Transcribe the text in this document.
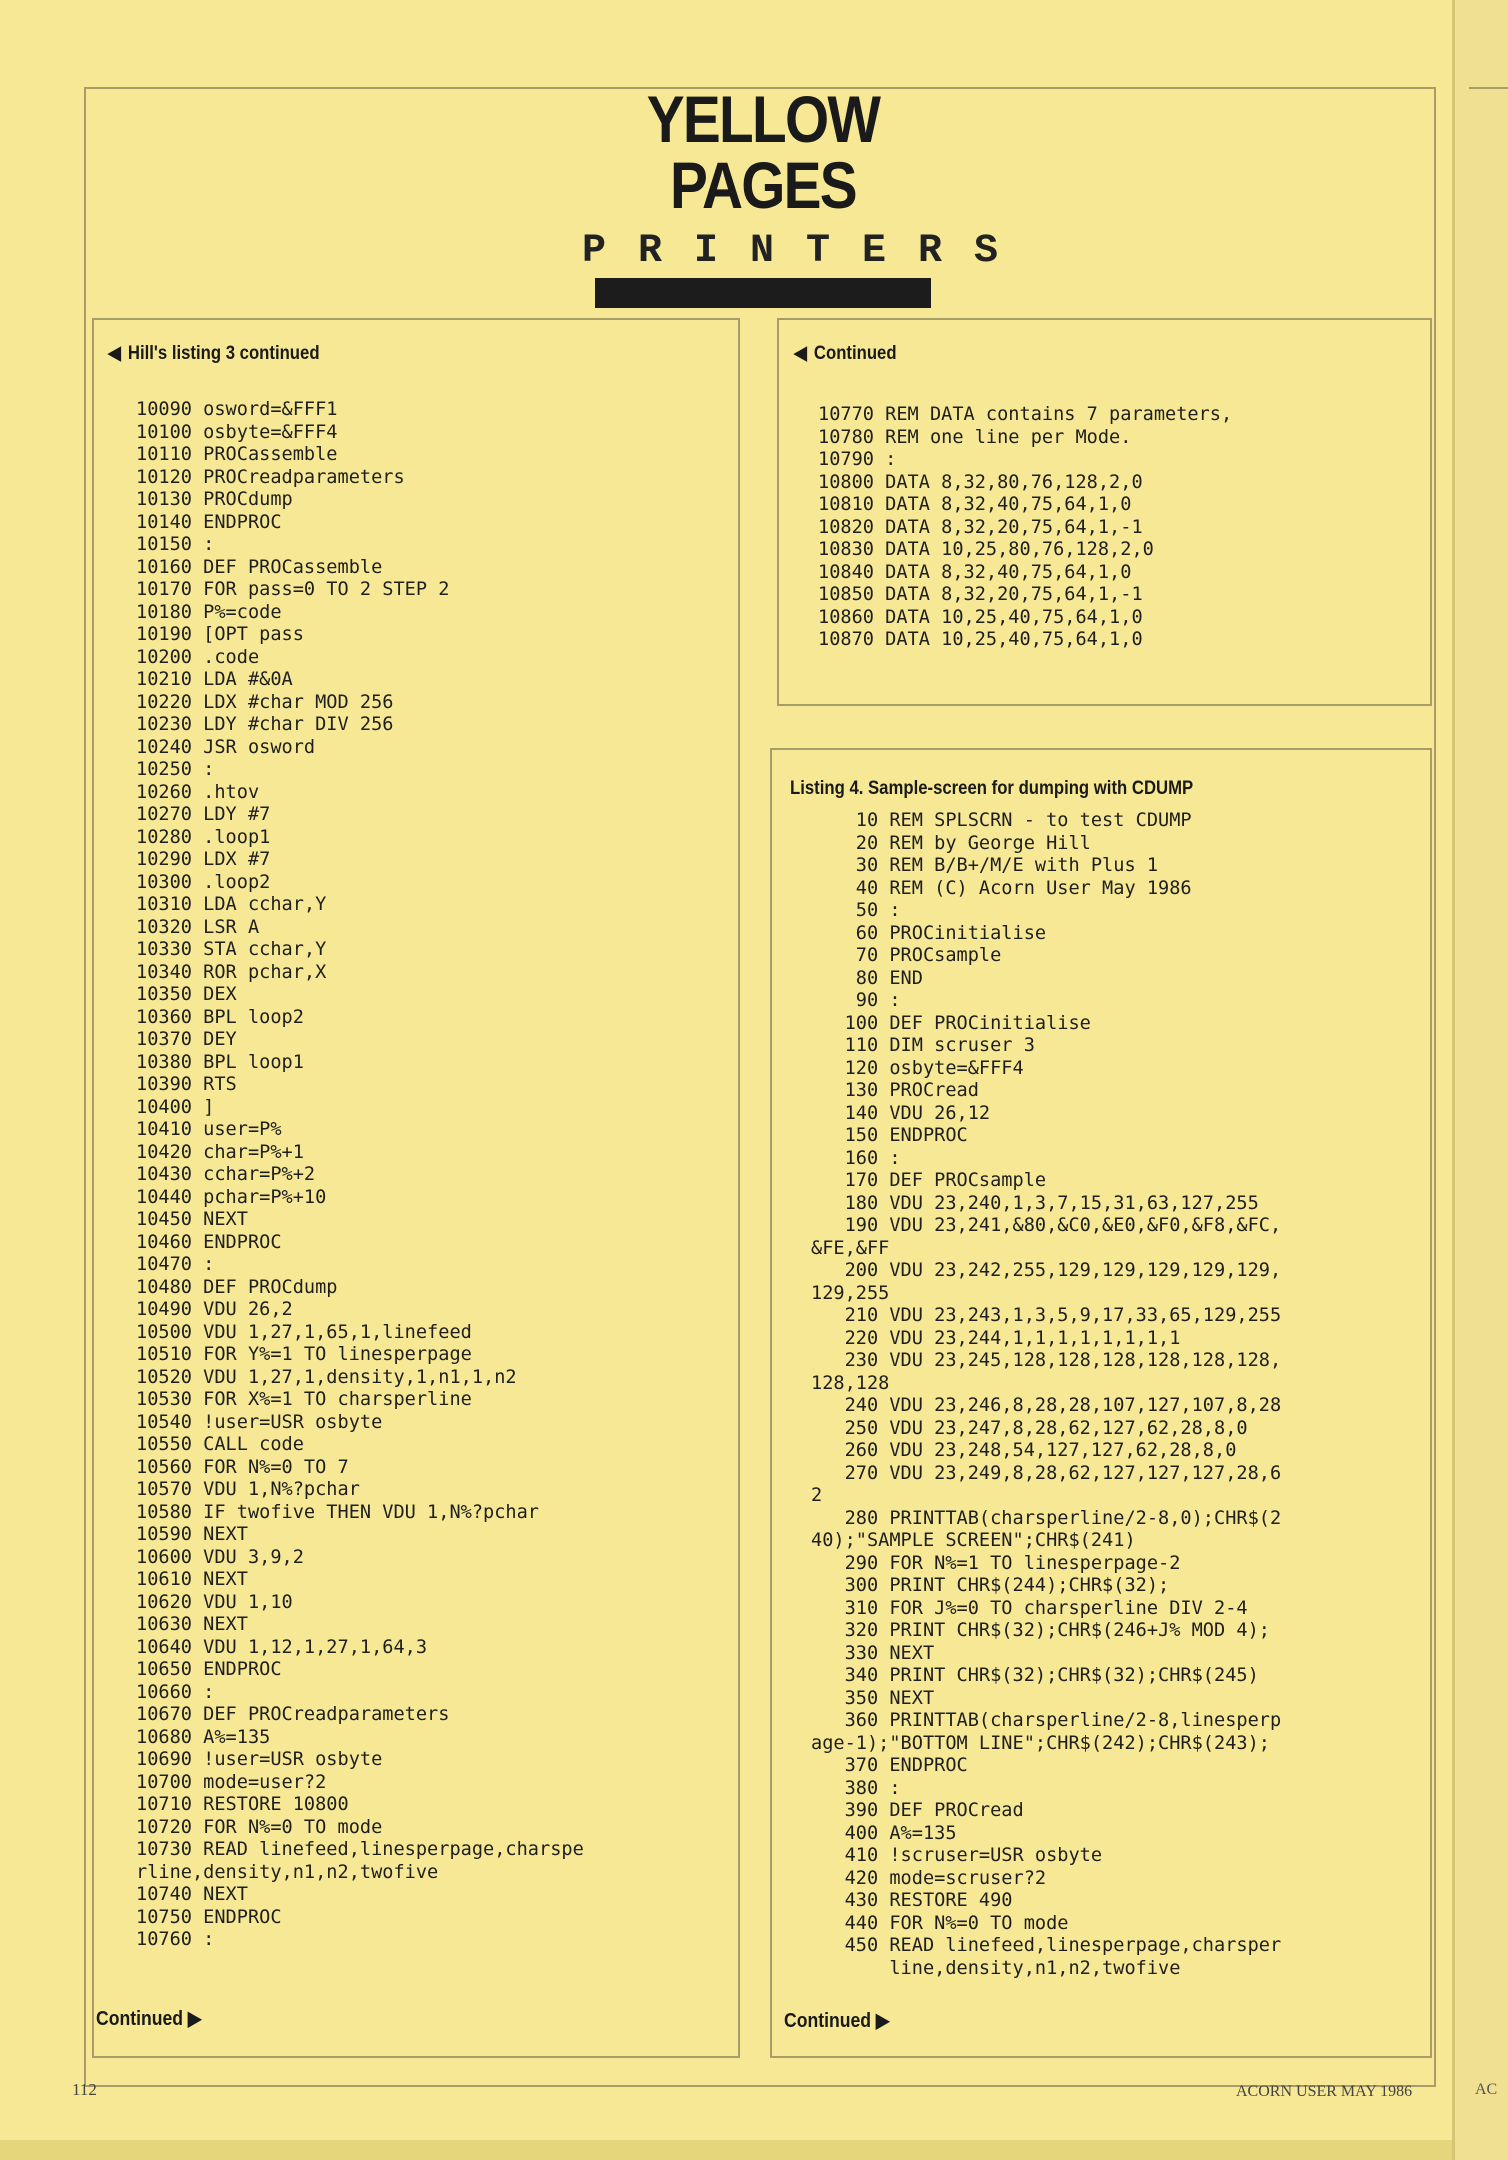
AC
YELLOW PAGES
PRINTERS
◀ Hill's listing 3 continued
10090 osword=&FFF1
10100 osbyte=&FFF4
10110 PROCassemble
10120 PROCreadparameters
10130 PROCdump
10140 ENDPROC
10150 :
10160 DEF PROCassemble
10170 FOR pass=0 TO 2 STEP 2
10180 P%=code
10190 [OPT pass
10200 .code
10210 LDA #&0A
10220 LDX #char MOD 256
10230 LDY #char DIV 256
10240 JSR osword
10250 :
10260 .htov
10270 LDY #7
10280 .loop1
10290 LDX #7
10300 .loop2
10310 LDA cchar,Y
10320 LSR A
10330 STA cchar,Y
10340 ROR pchar,X
10350 DEX
10360 BPL loop2
10370 DEY
10380 BPL loop1
10390 RTS
10400 ]
10410 user=P%
10420 char=P%+1
10430 cchar=P%+2
10440 pchar=P%+10
10450 NEXT
10460 ENDPROC
10470 :
10480 DEF PROCdump
10490 VDU 26,2
10500 VDU 1,27,1,65,1,linefeed
10510 FOR Y%=1 TO linesperpage
10520 VDU 1,27,1,density,1,n1,1,n2
10530 FOR X%=1 TO charsperline
10540 !user=USR osbyte
10550 CALL code
10560 FOR N%=0 TO 7
10570 VDU 1,N%?pchar
10580 IF twofive THEN VDU 1,N%?pchar
10590 NEXT
10600 VDU 3,9,2
10610 NEXT
10620 VDU 1,10
10630 NEXT
10640 VDU 1,12,1,27,1,64,3
10650 ENDPROC
10660 :
10670 DEF PROCreadparameters
10680 A%=135
10690 !user=USR osbyte
10700 mode=user?2
10710 RESTORE 10800
10720 FOR N%=0 TO mode
10730 READ linefeed,linesperpage,charspe
rline,density,n1,n2,twofive
10740 NEXT
10750 ENDPROC
10760 :

Continued ▶
◀ Continued
10770 REM DATA contains 7 parameters,
10780 REM one line per Mode.
10790 :
10800 DATA 8,32,80,76,128,2,0
10810 DATA 8,32,40,75,64,1,0
10820 DATA 8,32,20,75,64,1,-1
10830 DATA 10,25,80,76,128,2,0
10840 DATA 8,32,40,75,64,1,0
10850 DATA 8,32,20,75,64,1,-1
10860 DATA 10,25,40,75,64,1,0
10870 DATA 10,25,40,75,64,1,0

Listing 4. Sample-screen for dumping with CDUMP
10 REM SPLSCRN - to test CDUMP
20 REM by George Hill
30 REM B/B+/M/E with Plus 1
40 REM (C) Acorn User May 1986
50 :
60 PROCinitialise
70 PROCsample
80 END
90 :
100 DEF PROCinitialise
110 DIM scruser 3
120 osbyte=&FFF4
130 PROCread
140 VDU 26,12
150 ENDPROC
160 :
170 DEF PROCsample
180 VDU 23,240,1,3,7,15,31,63,127,255
190 VDU 23,241,&80,&C0,&E0,&F0,&F8,&FC,
&FE,&FF
200 VDU 23,242,255,129,129,129,129,129,
129,255
210 VDU 23,243,1,3,5,9,17,33,65,129,255
220 VDU 23,244,1,1,1,1,1,1,1,1
230 VDU 23,245,128,128,128,128,128,128,
128,128
240 VDU 23,246,8,28,28,107,127,107,8,28
250 VDU 23,247,8,28,62,127,62,28,8,0
260 VDU 23,248,54,127,127,62,28,8,0
270 VDU 23,249,8,28,62,127,127,127,28,6
2
280 PRINTTAB(charsperline/2-8,0);CHR$(2
40);"SAMPLE SCREEN";CHR$(241)
290 FOR N%=1 TO linesperpage-2
300 PRINT CHR$(244);CHR$(32);
310 FOR J%=0 TO charsperline DIV 2-4
320 PRINT CHR$(32);CHR$(246+J% MOD 4);
330 NEXT
340 PRINT CHR$(32);CHR$(32);CHR$(245)
350 NEXT
360 PRINTTAB(charsperline/2-8,linesperp
age-1);"BOTTOM LINE";CHR$(242);CHR$(243);
370 ENDPROC
380 :
390 DEF PROCread
400 A%=135
410 !scruser=USR osbyte
420 mode=scruser?2
430 RESTORE 490
440 FOR N%=0 TO mode
450 READ linefeed,linesperpage,charsper
line,density,n1,n2,twofive

Continued ▶
112	ACORN USER MAY 1986
